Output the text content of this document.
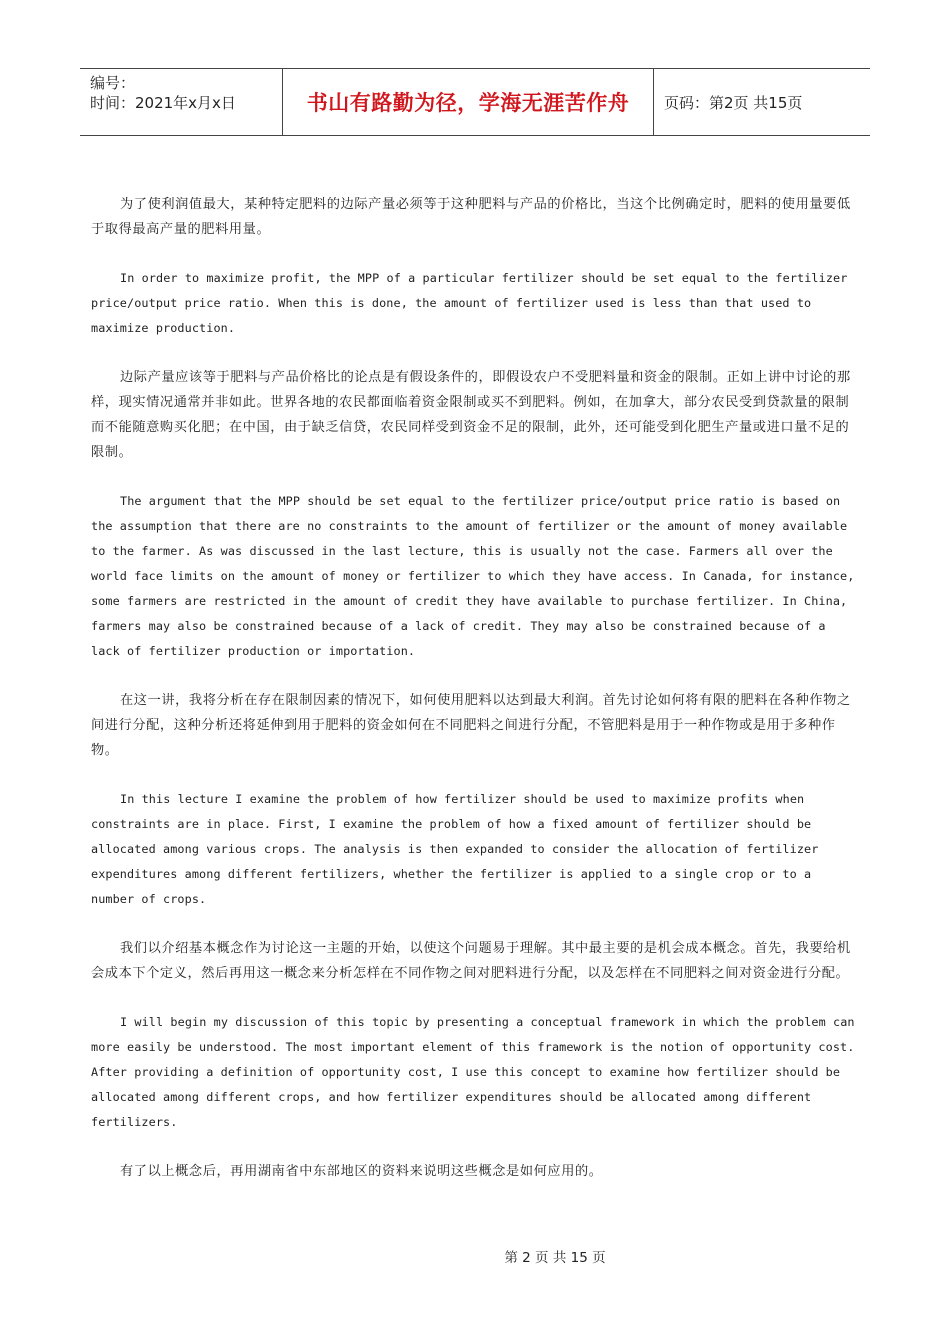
编号：
时间：2021年x月x日	书山有路勤为径，学海无涯苦作舟 页码：第2页 共15页

为了使利润值最大，某种特定肥料的边际产量必须等于这种肥料与产品的价格比，当这个比例确定时，肥料的使用量要低于取得最高产量的肥料用量。

In order to maximize profit, the MPP of a particular fertilizer should be set equal to the fertilizer price/output price ratio. When this is done, the amount of fertilizer used is less than that used to maximize production.

边际产量应该等于肥料与产品价格比的论点是有假设条件的，即假设农户不受肥料量和资金的限制。正如上讲中讨论的那样，现实情况通常并非如此。世界各地的农民都面临着资金限制或买不到肥料。例如，在加拿大，部分农民受到贷款量的限制而不能随意购买化肥；在中国，由于缺乏信贷，农民同样受到资金不足的限制，此外，还可能受到化肥生产量或进口量不足的限制。

The argument that the MPP should be set equal to the fertilizer price/output price ratio is based on the assumption that there are no constraints to the amount of fertilizer or the amount of money available to the farmer. As was discussed in the last lecture, this is usually not the case. Farmers all over the world face limits on the amount of money or fertilizer to which they have access. In Canada, for instance, some farmers are restricted in the amount of credit they have available to purchase fertilizer. In China, farmers may also be constrained because of a lack of credit. They may also be constrained because of a lack of fertilizer production or importation.

在这一讲，我将分析在存在限制因素的情况下，如何使用肥料以达到最大利润。首先讨论如何将有限的肥料在各种作物之间进行分配，这种分析还将延伸到用于肥料的资金如何在不同肥料之间进行分配，不管肥料是用于一种作物或是用于多种作物。

In this lecture I examine the problem of how fertilizer should be used to maximize profits when constraints are in place. First, I examine the problem of how a fixed amount of fertilizer should be allocated among various crops. The analysis is then expanded to consider the allocation of fertilizer expenditures among different fertilizers, whether the fertilizer is applied to a single crop or to a number of crops.

我们以介绍基本概念作为讨论这一主题的开始，以使这个问题易于理解。其中最主要的是机会成本概念。首先，我要给机会成本下个定义，然后再用这一概念来分析怎样在不同作物之间对肥料进行分配，以及怎样在不同肥料之间对资金进行分配。

I will begin my discussion of this topic by presenting a conceptual framework in which the problem can more easily be understood. The most important element of this framework is the notion of opportunity cost. After providing a definition of opportunity cost, I use this concept to examine how fertilizer should be allocated among different crops, and how fertilizer expenditures should be allocated among different fertilizers.

有了以上概念后，再用湖南省中东部地区的资料来说明这些概念是如何应用的。

第 2 页 共 15 页
